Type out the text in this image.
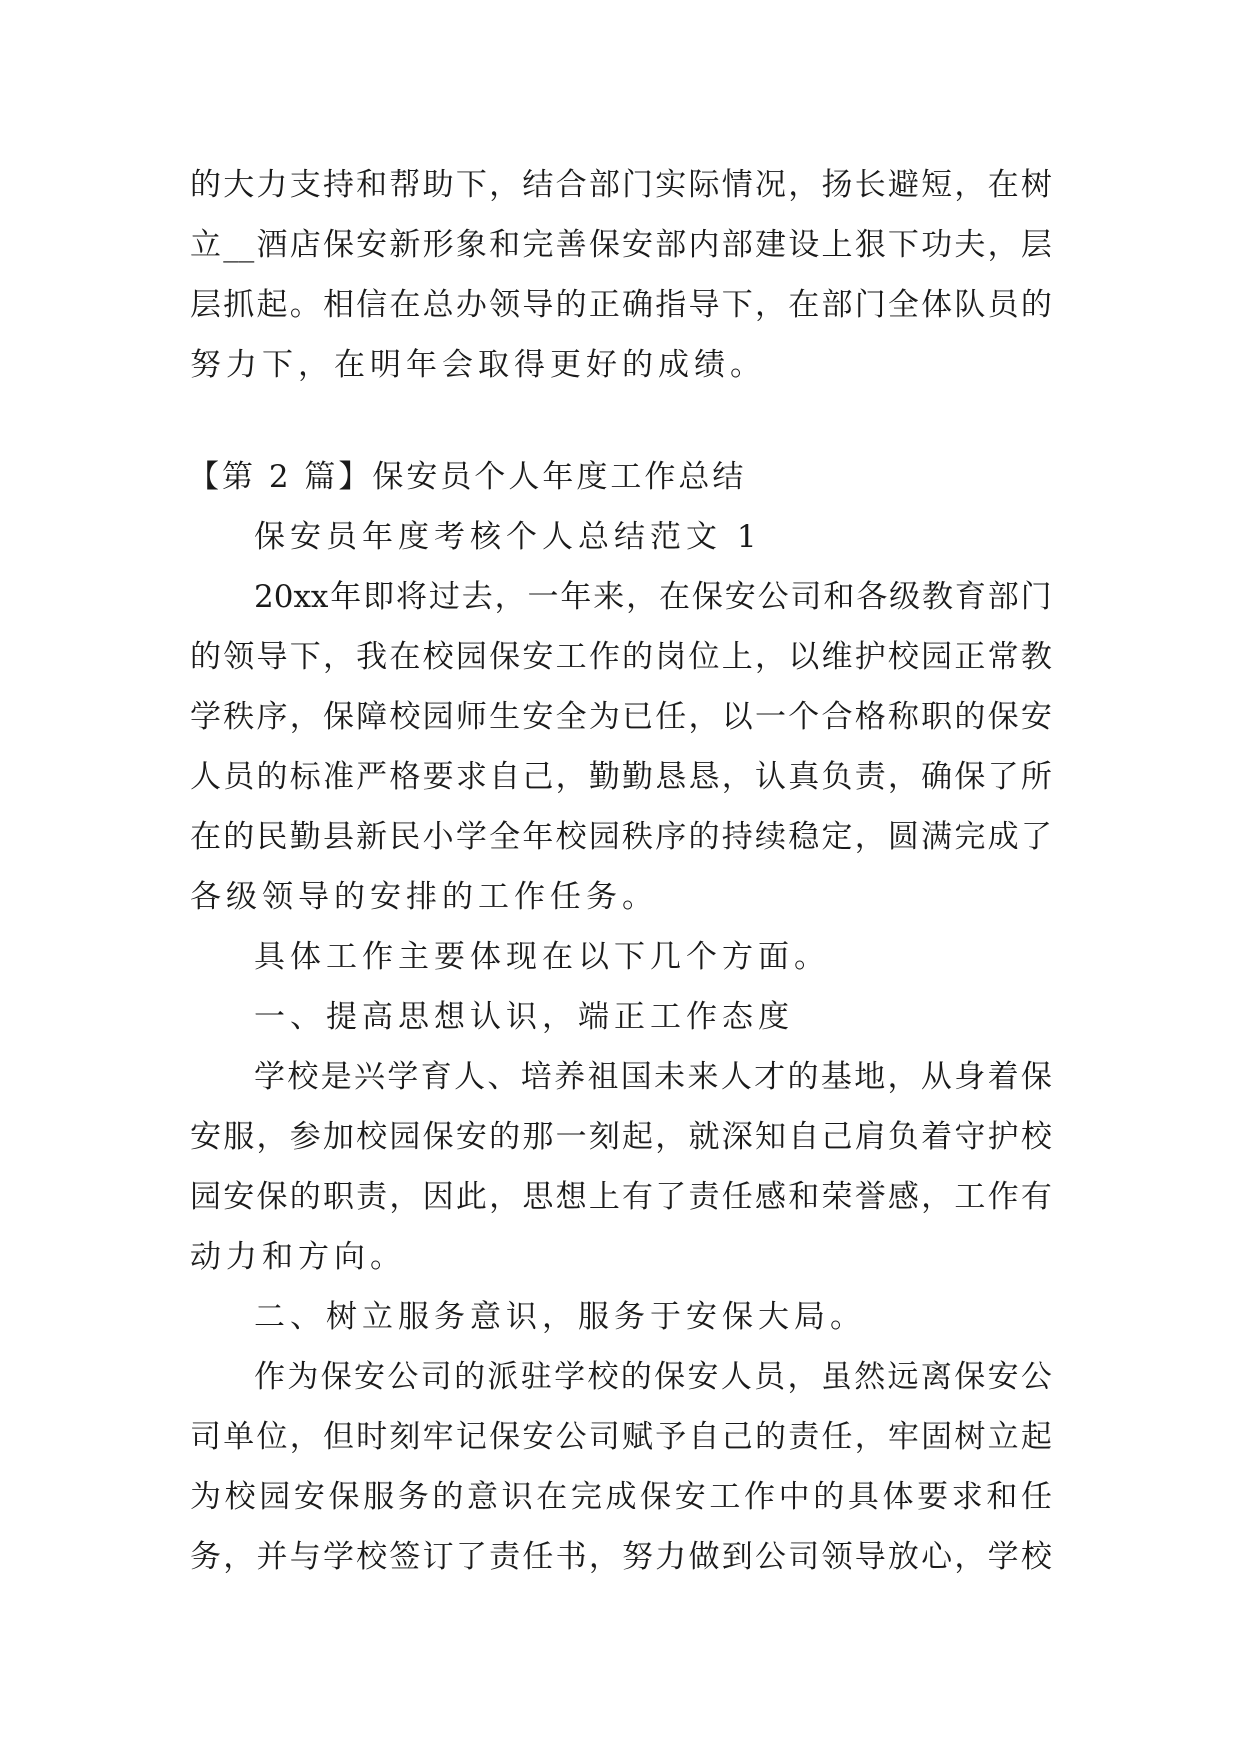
的 大 力 支 持 和 帮 助 下 ， 结 合 部 门 实 际 情 况 ， 扬 长 避 短 ， 在 树
立 __ 酒 店 保 安 新 形 象 和 完 善 保 安 部 内 部 建 设 上 狠 下 功 夫 ， 层
层 抓 起 。 相 信 在 总 办 领 导 的 正 确 指 导 下 ， 在 部 门 全 体 队 员 的
努力下，在明年会取得更好的成绩。
【第 2 篇】保安员个人年度工作总结
保安员年度考核个人总结范文 1
20xx 年 即 将 过 去 ， 一 年 来 ， 在 保 安 公 司 和 各 级 教 育 部 门
的 领 导 下 ， 我 在 校 园 保 安 工 作 的 岗 位 上 ， 以 维 护 校 园 正 常 教
学 秩 序 ， 保 障 校 园 师 生 安 全 为 已 任 ， 以 一 个 合 格 称 职 的 保 安
人 员 的 标 准 严 格 要 求 自 己 ， 勤 勤 恳 恳 ， 认 真 负 责 ， 确 保 了 所
在 的 民 勤 县 新 民 小 学 全 年 校 园 秩 序 的 持 续 稳 定 ， 圆 满 完 成 了
各级领导的安排的工作任务。
具体工作主要体现在以下几个方面。
一、提高思想认识，端正工作态度
学 校 是 兴 学 育 人 、 培 养 祖 国 未 来 人 才 的 基 地 ， 从 身 着 保
安 服 ， 参 加 校 园 保 安 的 那 一 刻 起 ， 就 深 知 自 己 肩 负 着 守 护 校
园 安 保 的 职 责 ， 因 此 ， 思 想 上 有 了 责 任 感 和 荣 誉 感 ， 工 作 有
动力和方向。
二、树立服务意识，服务于安保大局。
作 为 保 安 公 司 的 派 驻 学 校 的 保 安 人 员 ， 虽 然 远 离 保 安 公
司 单 位 ， 但 时 刻 牢 记 保 安 公 司 赋 予 自 己 的 责 任 ， 牢 固 树 立 起
为 校 园 安 保 服 务 的 意 识 在 完 成 保 安 工 作 中 的 具 体 要 求 和 任
务 ， 并 与 学 校 签 订 了 责 任 书 ， 努 力 做 到 公 司 领 导 放 心 ， 学 校
